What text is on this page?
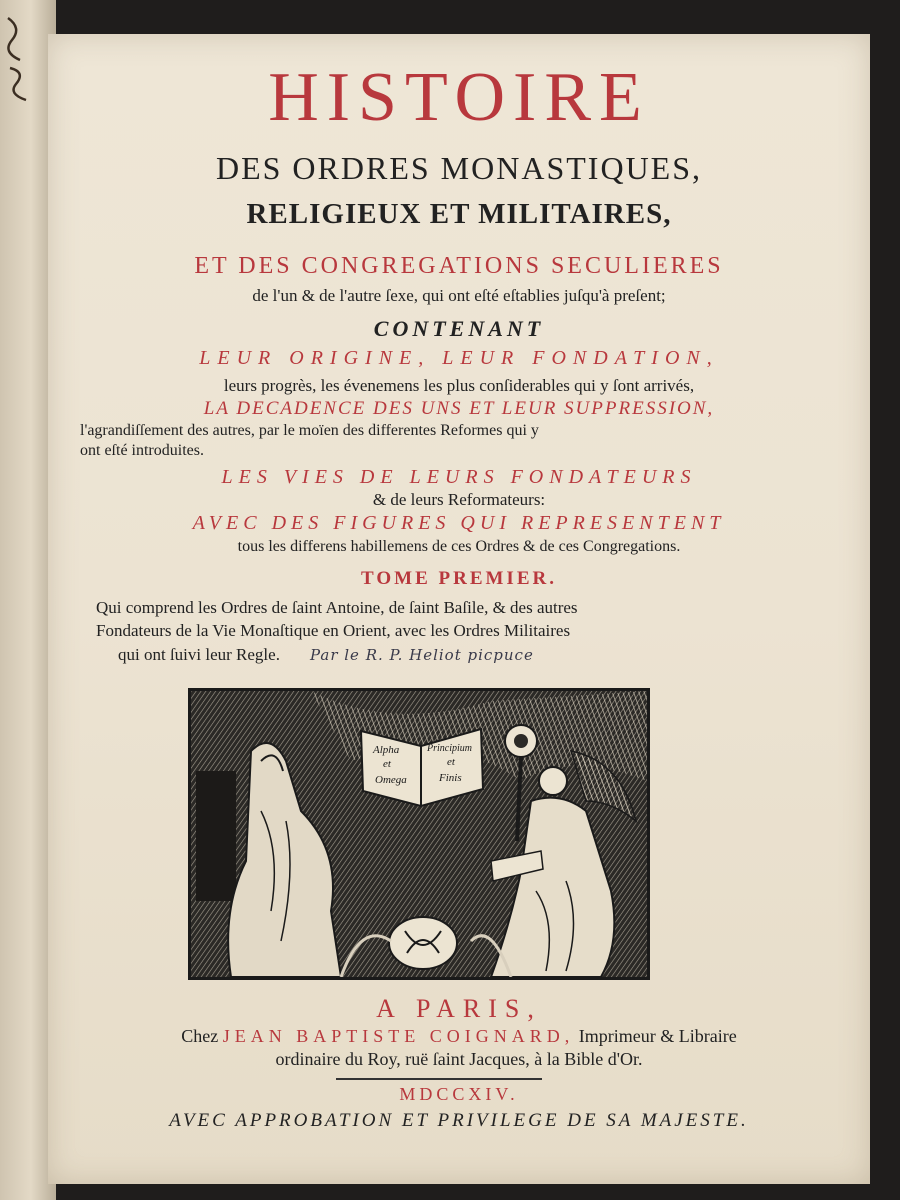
HISTOIRE
DES ORDRES MONASTIQUES,
RELIGIEUX ET MILITAIRES,
ET DES CONGREGATIONS SECULIERES
de l'un & de l'autre ſexe, qui ont eſté eſtablies juſqu'à preſent;
CONTENANT
LEUR ORIGINE, LEUR FONDATION,
leurs progrès, les évenemens les plus conſiderables qui y ſont arrivés,
LA DECADENCE DES UNS ET LEUR SUPPRESSION,
l'agrandiſſement des autres, par le moïen des differentes Reformes qui y
ont eſté introduites.
LES VIES DE LEURS FONDATEURS
& de leurs Reformateurs:
AVEC DES FIGURES QUI REPRESENTENT
tous les differens habillemens de ces Ordres & de ces Congregations.
TOME PREMIER.
Qui comprend les Ordres de ſaint Antoine, de ſaint Baſile, & des autres
Fondateurs de la Vie Monaſtique en Orient, avec les Ordres Militaires
qui ont ſuivi leur Regle. Par le R. P. Heliot picpuce
Alpha
et
Omega
Principium
et
Finis
A PARIS,
Chez JEAN BAPTISTE COIGNARD, Imprimeur & Libraire
ordinaire du Roy, ruë ſaint Jacques, à la Bible d'Or.
MDCCXIV.
AVEC APPROBATION ET PRIVILEGE DE SA MAJESTE.
